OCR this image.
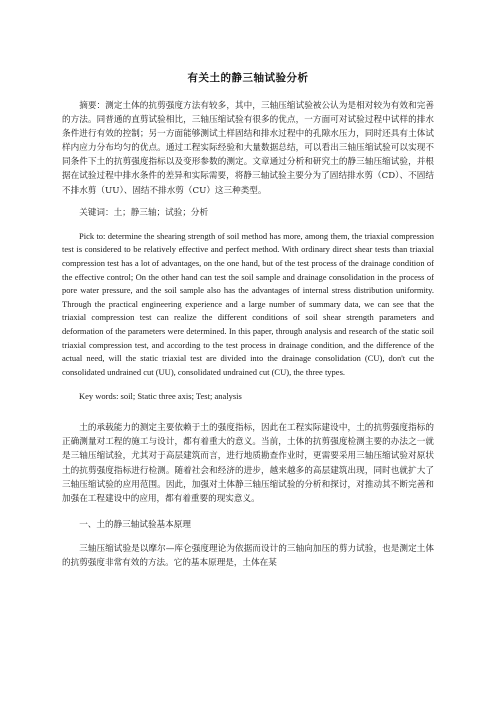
有关土的静三轴试验分析

摘要：测定土体的抗剪强度方法有较多，其中，三轴压缩试验被公认为是相对较为有效和完善的方法。同普通的直剪试验相比，三轴压缩试验有很多的优点，一方面可对试验过程中试样的排水条件进行有效的控制；另一方面能够测试土样固结和排水过程中的孔隙水压力，同时还具有土体试样内应力分布均匀的优点。通过工程实际经验和大量数据总结，可以看出三轴压缩试验可以实现不同条件下土的抗剪强度指标以及变形参数的测定。文章通过分析和研究土的静三轴压缩试验，并根据在试验过程中排水条件的差异和实际需要，将静三轴试验主要分为了固结排水剪（CD）、不固结不排水剪（UU）、固结不排水剪（CU）这三种类型。

关键词：土；静三轴；试验；分析

Pick to: determine the shearing strength of soil method has more, among them, the triaxial compression test is considered to be relatively effective and perfect method. With ordinary direct shear tests than triaxial compression test has a lot of advantages, on the one hand, but of the test process of the drainage condition of the effective control; On the other hand can test the soil sample and drainage consolidation in the process of pore water pressure, and the soil sample also has the advantages of internal stress distribution uniformity. Through the practical engineering experience and a large number of summary data, we can see that the triaxial compression test can realize the different conditions of soil shear strength parameters and deformation of the parameters were determined. In this paper, through analysis and research of the static soil triaxial compression test, and according to the test process in drainage condition, and the difference of the actual need, will the static triaxial test are divided into the drainage consolidation (CU), don't cut the consolidated undrained cut (UU), consolidated undrained cut (CU), the three types.

Key words: soil; Static three axis; Test; analysis

土的承载能力的测定主要依赖于土的强度指标，因此在工程实际建设中，土的抗剪强度指标的正确测量对工程的施工与设计，都有着重大的意义。当前，土体的抗剪强度检测主要的办法之一就是三轴压缩试验，尤其对于高层建筑而言，进行地质勘查作业时，更需要采用三轴压缩试验对原状土的抗剪强度指标进行检测。随着社会和经济的进步，越来越多的高层建筑出现，同时也就扩大了三轴压缩试验的应用范围。因此，加强对土体静三轴压缩试验的分析和探讨，对推动其不断完善和加强在工程建设中的应用，都有着重要的现实意义。

一、土的静三轴试验基本原理

三轴压缩试验是以摩尔—库仑强度理论为依据而设计的三轴向加压的剪力试验，也是测定土体的抗剪强度非常有效的方法。它的基本原理是，土体在某
